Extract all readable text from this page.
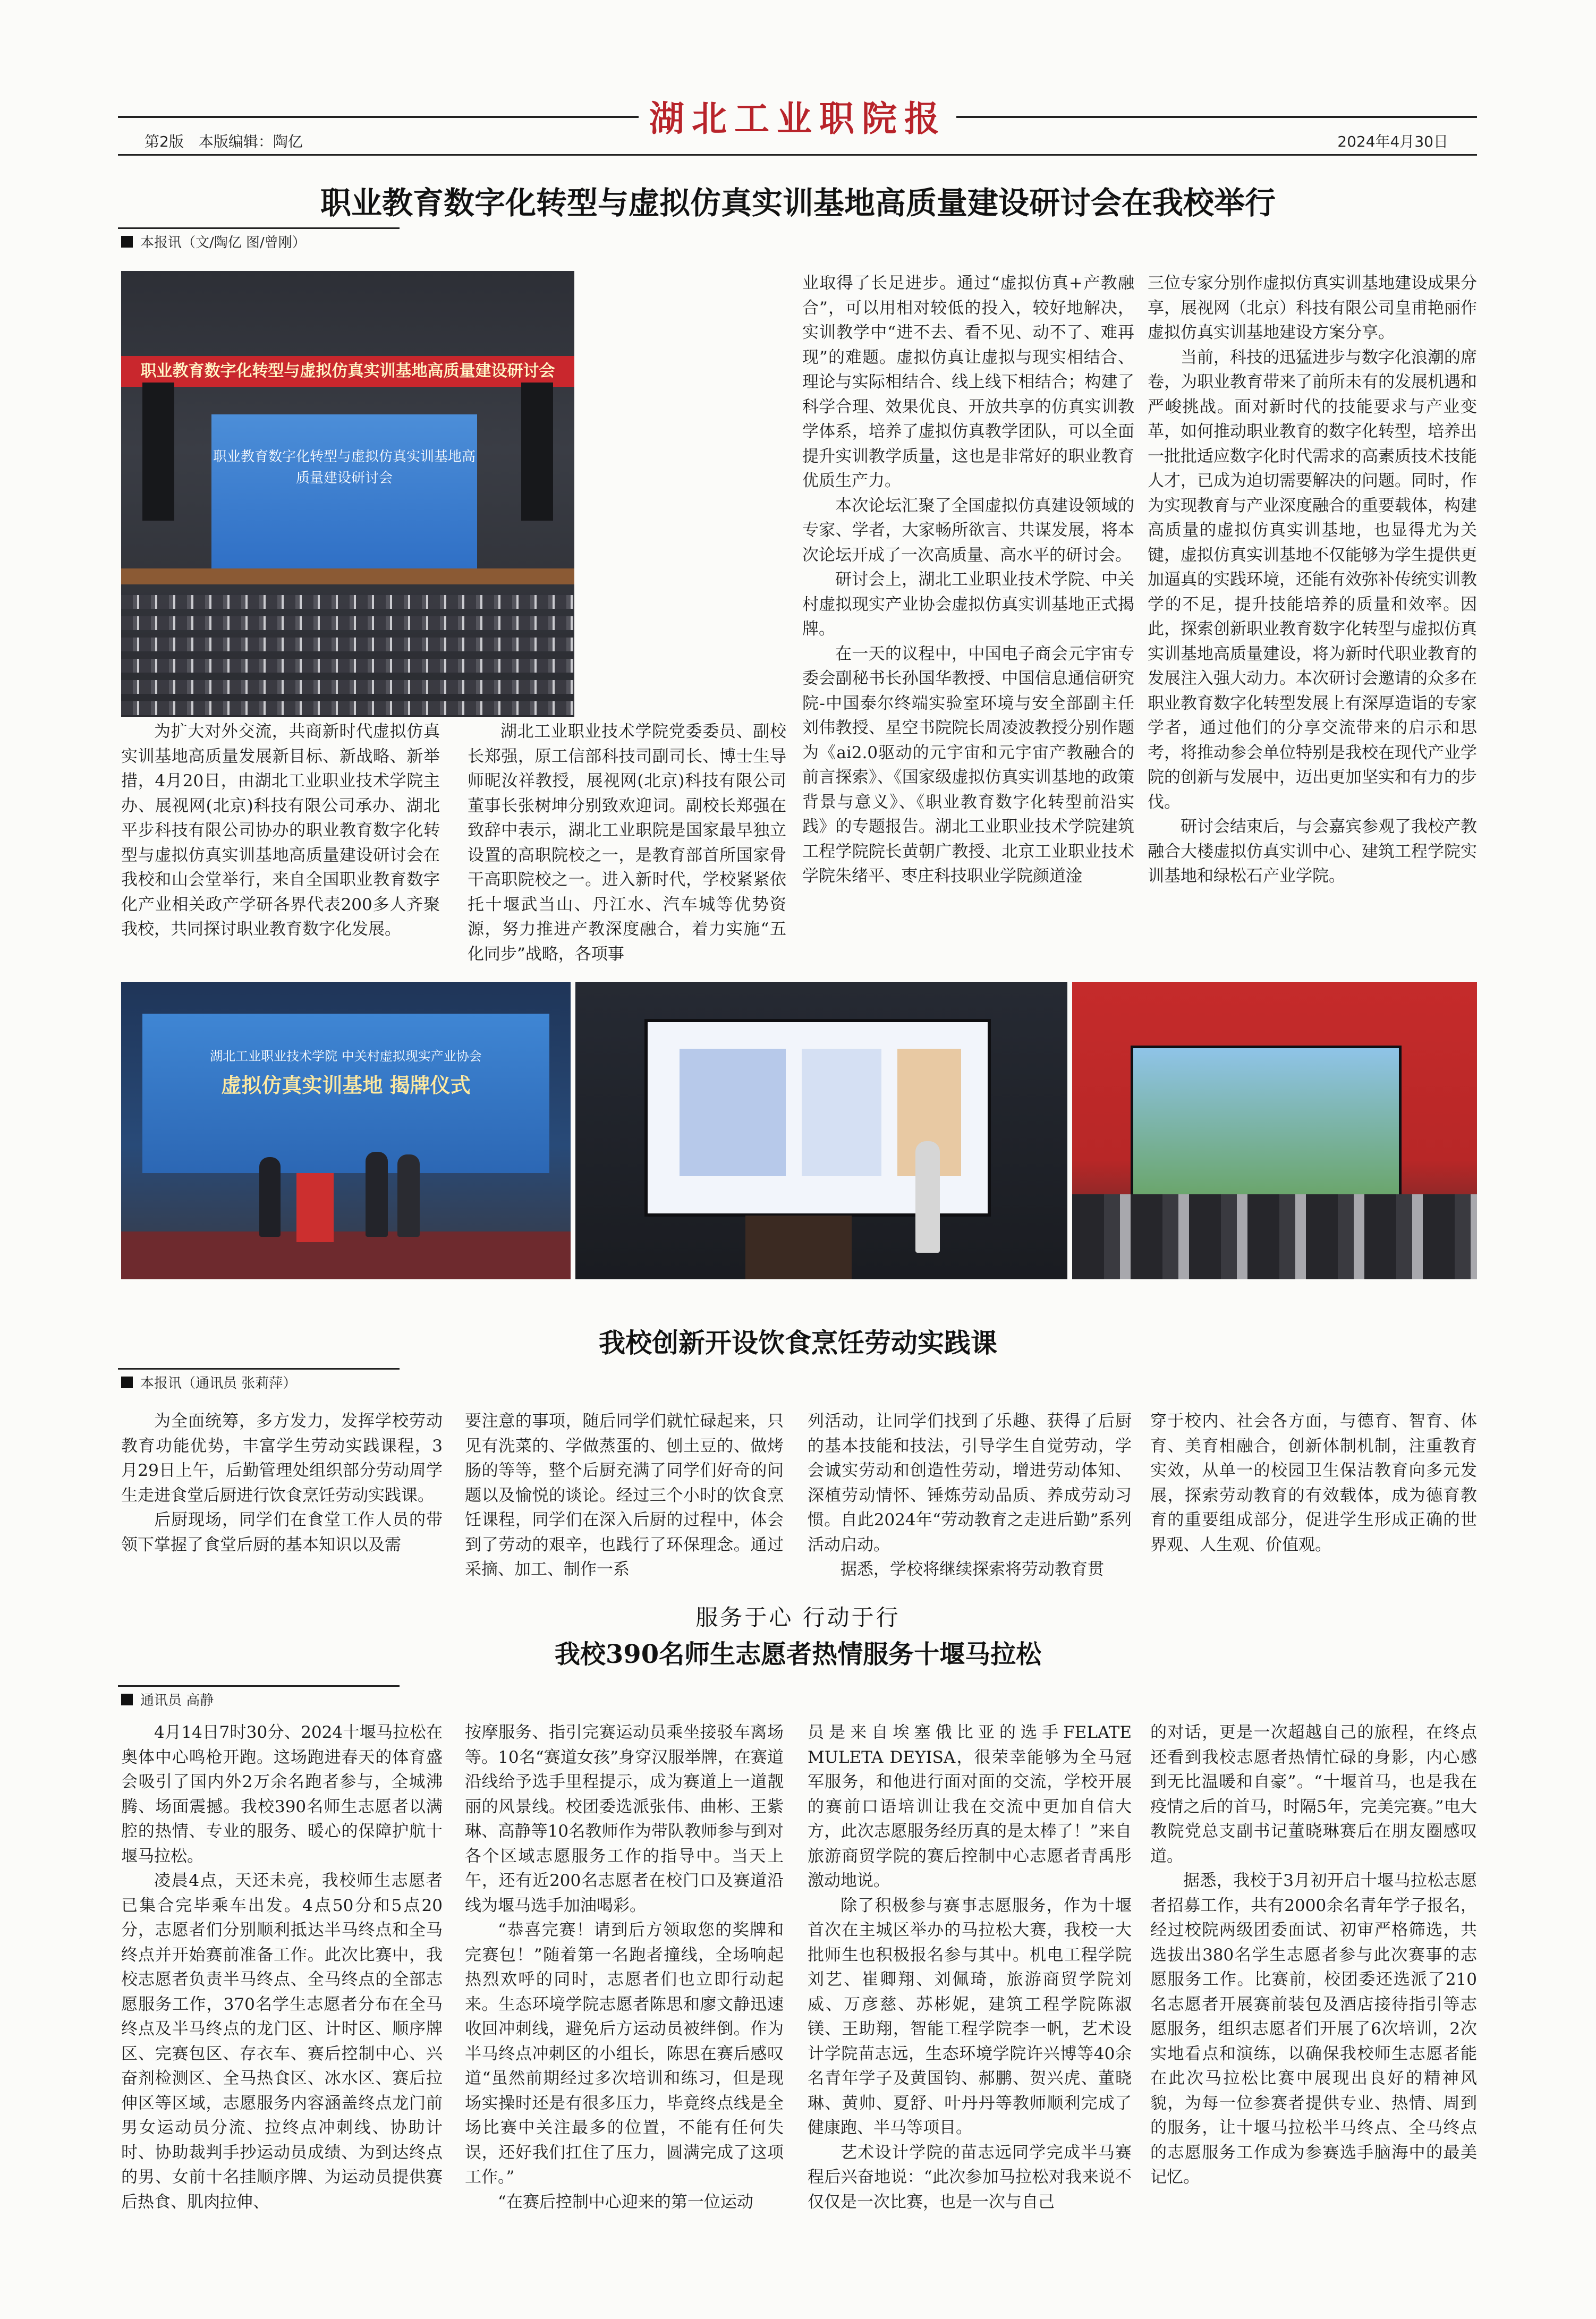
湖北工业职院报
第2版　本版编辑：陶亿	2024年4月30日
职业教育数字化转型与虚拟仿真实训基地高质量建设研讨会在我校举行
本报讯（文/陶亿 图/曾刚）
职业教育数字化转型与虚拟仿真实训基地高质量建设研讨会
职业教育数字化转型与虚拟仿真实训基地高质量建设研讨会

为扩大对外交流，共商新时代虚拟仿真实训基地高质量发展新目标、新战略、新举措，4月20日，由湖北工业职业技术学院主办、展视网(北京)科技有限公司承办、湖北平步科技有限公司协办的职业教育数字化转型与虚拟仿真实训基地高质量建设研讨会在我校和山会堂举行，来自全国职业教育数字化产业相关政产学研各界代表200多人齐聚我校，共同探讨职业教育数字化发展。

湖北工业职业技术学院党委委员、副校长郑强，原工信部科技司副司长、博士生导师昵汝祥教授，展视网(北京)科技有限公司董事长张树坤分别致欢迎词。副校长郑强在致辞中表示，湖北工业职院是国家最早独立设置的高职院校之一，是教育部首所国家骨干高职院校之一。进入新时代，学校紧紧依托十堰武当山、丹江水、汽车城等优势资源，努力推进产教深度融合，着力实施“五化同步”战略，各项事

业取得了长足进步。通过“虚拟仿真+产教融合”，可以用相对较低的投入，较好地解决，实训教学中“进不去、看不见、动不了、难再现”的难题。虚拟仿真让虚拟与现实相结合、理论与实际相结合、线上线下相结合；构建了科学合理、效果优良、开放共享的仿真实训教学体系，培养了虚拟仿真教学团队，可以全面提升实训教学质量，这也是非常好的职业教育优质生产力。

本次论坛汇聚了全国虚拟仿真建设领域的专家、学者，大家畅所欲言、共谋发展，将本次论坛开成了一次高质量、高水平的研讨会。

研讨会上，湖北工业职业技术学院、中关村虚拟现实产业协会虚拟仿真实训基地正式揭牌。

在一天的议程中，中国电子商会元宇宙专委会副秘书长孙国华教授、中国信息通信研究院-中国泰尔终端实验室环境与安全部副主任刘伟教授、星空书院院长周凌波教授分别作题为《ai2.0驱动的元宇宙和元宇宙产教融合的前言探索》、《国家级虚拟仿真实训基地的政策背景与意义》、《职业教育数字化转型前沿实践》的专题报告。湖北工业职业技术学院建筑工程学院院长黄朝广教授、北京工业职业技术学院朱绪平、枣庄科技职业学院颜道淦

三位专家分别作虚拟仿真实训基地建设成果分享，展视网（北京）科技有限公司皇甫艳丽作虚拟仿真实训基地建设方案分享。

当前，科技的迅猛进步与数字化浪潮的席卷，为职业教育带来了前所未有的发展机遇和严峻挑战。面对新时代的技能要求与产业变革，如何推动职业教育的数字化转型，培养出一批批适应数字化时代需求的高素质技术技能人才，已成为迫切需要解决的问题。同时，作为实现教育与产业深度融合的重要载体，构建高质量的虚拟仿真实训基地，也显得尤为关键，虚拟仿真实训基地不仅能够为学生提供更加逼真的实践环境，还能有效弥补传统实训教学的不足，提升技能培养的质量和效率。因此，探索创新职业教育数字化转型与虚拟仿真实训基地高质量建设，将为新时代职业教育的发展注入强大动力。本次研讨会邀请的众多在职业教育数字化转型发展上有深厚造诣的专家学者，通过他们的分享交流带来的启示和思考，将推动参会单位特别是我校在现代产业学院的创新与发展中，迈出更加坚实和有力的步伐。

研讨会结束后，与会嘉宾参观了我校产教融合大楼虚拟仿真实训中心、建筑工程学院实训基地和绿松石产业学院。

湖北工业职业技术学院 中关村虚拟现实产业协会
虚拟仿真实训基地 揭牌仪式
我校创新开设饮食烹饪劳动实践课
本报讯（通讯员 张莉萍）

为全面统筹，多方发力，发挥学校劳动教育功能优势，丰富学生劳动实践课程，3月29日上午，后勤管理处组织部分劳动周学生走进食堂后厨进行饮食烹饪劳动实践课。

后厨现场，同学们在食堂工作人员的带领下掌握了食堂后厨的基本知识以及需

要注意的事项，随后同学们就忙碌起来，只见有洗菜的、学做蒸蛋的、刨土豆的、做烤肠的等等，整个后厨充满了同学们好奇的问题以及愉悦的谈论。经过三个小时的饮食烹饪课程，同学们在深入后厨的过程中，体会到了劳动的艰辛，也践行了环保理念。通过采摘、加工、制作一系

列活动，让同学们找到了乐趣、获得了后厨的基本技能和技法，引导学生自觉劳动，学会诚实劳动和创造性劳动，增进劳动体知、深植劳动情怀、锤炼劳动品质、养成劳动习惯。自此2024年“劳动教育之走进后勤”系列活动启动。

据悉，学校将继续探索将劳动教育贯

穿于校内、社会各方面，与德育、智育、体育、美育相融合，创新体制机制，注重教育实效，从单一的校园卫生保洁教育向多元发展，探索劳动教育的有效载体，成为德育教育的重要组成部分，促进学生形成正确的世界观、人生观、价值观。

服务于心 行动于行
我校390名师生志愿者热情服务十堰马拉松
通讯员 高静

4月14日7时30分、2024十堰马拉松在奥体中心鸣枪开跑。这场跑进春天的体育盛会吸引了国内外2万余名跑者参与，全城沸腾、场面震撼。我校390名师生志愿者以满腔的热情、专业的服务、暖心的保障护航十堰马拉松。

凌晨4点，天还未亮，我校师生志愿者已集合完毕乘车出发。4点50分和5点20分，志愿者们分别顺利抵达半马终点和全马终点并开始赛前准备工作。此次比赛中，我校志愿者负责半马终点、全马终点的全部志愿服务工作，370名学生志愿者分布在全马终点及半马终点的龙门区、计时区、顺序牌区、完赛包区、存衣车、赛后控制中心、兴奋剂检测区、全马热食区、冰水区、赛后拉伸区等区域，志愿服务内容涵盖终点龙门前男女运动员分流、拉终点冲刺线、协助计时、协助裁判手抄运动员成绩、为到达终点的男、女前十名挂顺序牌、为运动员提供赛后热食、肌肉拉伸、

按摩服务、指引完赛运动员乘坐接驳车离场等。10名“赛道女孩”身穿汉服举牌，在赛道沿线给予选手里程提示，成为赛道上一道靓丽的风景线。校团委选派张伟、曲彬、王紫琳、高静等10名教师作为带队教师参与到对各个区域志愿服务工作的指导中。当天上午，还有近200名志愿者在校门口及赛道沿线为堰马选手加油喝彩。

“恭喜完赛！请到后方领取您的奖牌和完赛包！”随着第一名跑者撞线，全场响起热烈欢呼的同时，志愿者们也立即行动起来。生态环境学院志愿者陈思和廖文静迅速收回冲刺线，避免后方运动员被绊倒。作为半马终点冲刺区的小组长，陈思在赛后感叹道“虽然前期经过多次培训和练习，但是现场实操时还是有很多压力，毕竟终点线是全场比赛中关注最多的位置，不能有任何失误，还好我们扛住了压力，圆满完成了这项工作。”

“在赛后控制中心迎来的第一位运动

员是来自埃塞俄比亚的选手FELATE MULETA DEYISA，很荣幸能够为全马冠军服务，和他进行面对面的交流，学校开展的赛前口语培训让我在交流中更加自信大方，此次志愿服务经历真的是太棒了！”来自旅游商贸学院的赛后控制中心志愿者青禹彤激动地说。

除了积极参与赛事志愿服务，作为十堰首次在主城区举办的马拉松大赛，我校一大批师生也积极报名参与其中。机电工程学院刘艺、崔卿翔、刘佩琦，旅游商贸学院刘威、万彦慈、苏彬妮，建筑工程学院陈淑镁、王助翔，智能工程学院李一帆，艺术设计学院苗志远，生态环境学院许兴博等40余名青年学子及黄国钧、郝鹏、贺兴虎、董晓琳、黄帅、夏舒、叶丹丹等教师顺利完成了健康跑、半马等项目。

艺术设计学院的苗志远同学完成半马赛程后兴奋地说：“此次参加马拉松对我来说不仅仅是一次比赛，也是一次与自己

的对话，更是一次超越自己的旅程，在终点还看到我校志愿者热情忙碌的身影，内心感到无比温暖和自豪”。“十堰首马，也是我在疫情之后的首马，时隔5年，完美完赛。”电大教院党总支副书记董晓琳赛后在朋友圈感叹道。

据悉，我校于3月初开启十堰马拉松志愿者招募工作，共有2000余名青年学子报名，经过校院两级团委面试、初审严格筛选，共选拔出380名学生志愿者参与此次赛事的志愿服务工作。比赛前，校团委还选派了210名志愿者开展赛前装包及酒店接待指引等志愿服务，组织志愿者们开展了6次培训，2次实地看点和演练，以确保我校师生志愿者能在此次马拉松比赛中展现出良好的精神风貌，为每一位参赛者提供专业、热情、周到的服务，让十堰马拉松半马终点、全马终点的志愿服务工作成为参赛选手脑海中的最美记忆。
